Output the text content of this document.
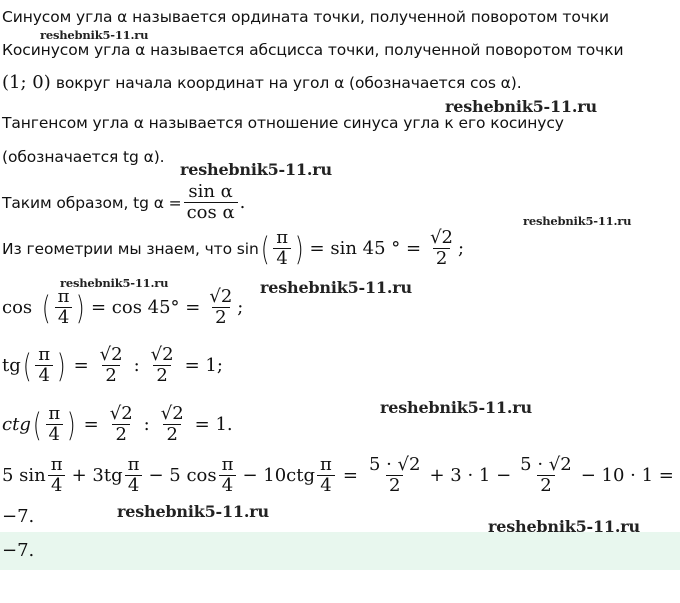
Синусом угла α называется ордината точки, полученной поворотом точки
Косинусом угла α называется абсцисса точки, полученной поворотом точки
(1; 0) вокруг начала координат на угол α (обозначается cos α).
Тангенсом угла α называется отношение синуса угла к его косинусу
(обозначается tg α).
Таким образом, tg $\alpha = \frac{\text{sin α}}{\text{cos α}}$ .
Из геометрии мы знаем, что sin ( $\frac{\pi}{4}$ ) = sin 45 ° = $\frac{√2}{2}$ ;
cos ( $\frac{\pi}{4}$ ) = $\cos 45^\circ = \frac{√2}{2}$ ;
tg ( $\frac{\pi}{4}$ ) = $\frac{√2}{2}$ : $\frac{√2}{2} = 1$;
ctg ( $\frac{\pi}{4}$ ) = $\frac{√2}{2}$ : $\frac{√2}{2} = 1$.
5 $\sin \frac{\pi}{4} + 3tg \frac{\pi}{4} - 5$ $\cos \frac{\pi}{4} - 10ctg \frac{\pi}{4} = \frac{5 \cdot √2}{2} + 3 \cdot 1 - \frac{5 \cdot √2}{2} - 10 \cdot 1$ =
−7.
−7.
reshebnik5-11.ru
reshebnik5-11.ru
reshebnik5-11.ru
reshebnik5-11.ru
reshebnik5-11.ru	reshebnik5-11.ru
reshebnik5-11.ru
reshebnik5-11.ru
reshebnik5-11.ru
